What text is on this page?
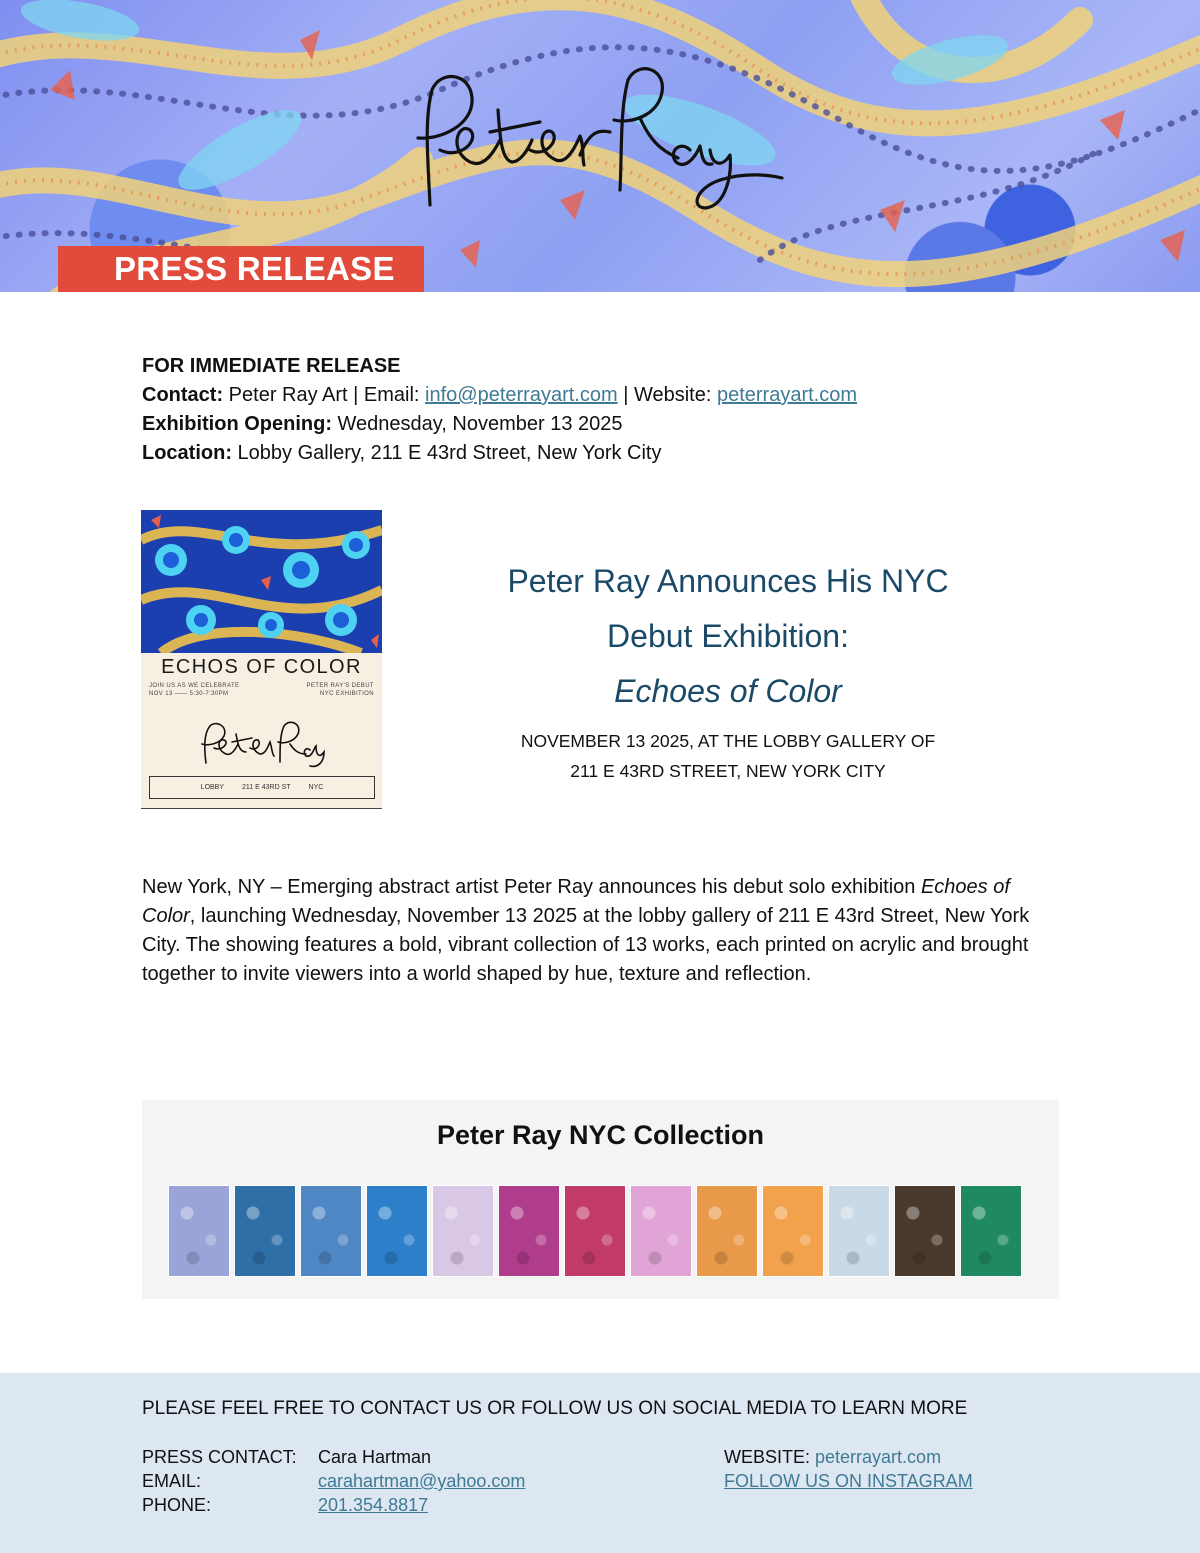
PRESS RELEASE
FOR IMMEDIATE RELEASE
Contact: Peter Ray Art | Email: info@peterrayart.com | Website: peterrayart.com
Exhibition Opening: Wednesday, November 13 2025
Location: Lobby Gallery, 211 E 43rd Street, New York City
ECHOS OF COLOR
JOIN US AS WE CELEBRATE
NOV 13 —— 5:30-7:30PM
PETER RAY'S DEBUT
NYC EXHIBITION
LOBBY	211 E 43RD ST	NYC
Peter Ray Announces His NYC
Debut Exhibition:
Echoes of Color
NOVEMBER 13 2025, AT THE LOBBY GALLERY OF
211 E 43RD STREET, NEW YORK CITY
New York, NY – Emerging abstract artist Peter Ray announces his debut solo exhibition Echoes of Color, launching Wednesday, November 13 2025 at the lobby gallery of 211 E 43rd Street, New York City. The showing features a bold, vibrant collection of 13 works, each printed on acrylic and brought together to invite viewers into a world shaped by hue, texture and reflection.
Peter Ray NYC Collection
PLEASE FEEL FREE TO CONTACT US OR FOLLOW US ON SOCIAL MEDIA TO LEARN MORE
PRESS CONTACT:
EMAIL:
PHONE:
Cara Hartman
carahartman@yahoo.com
201.354.8817
WEBSITE: peterrayart.com
FOLLOW US ON INSTAGRAM
